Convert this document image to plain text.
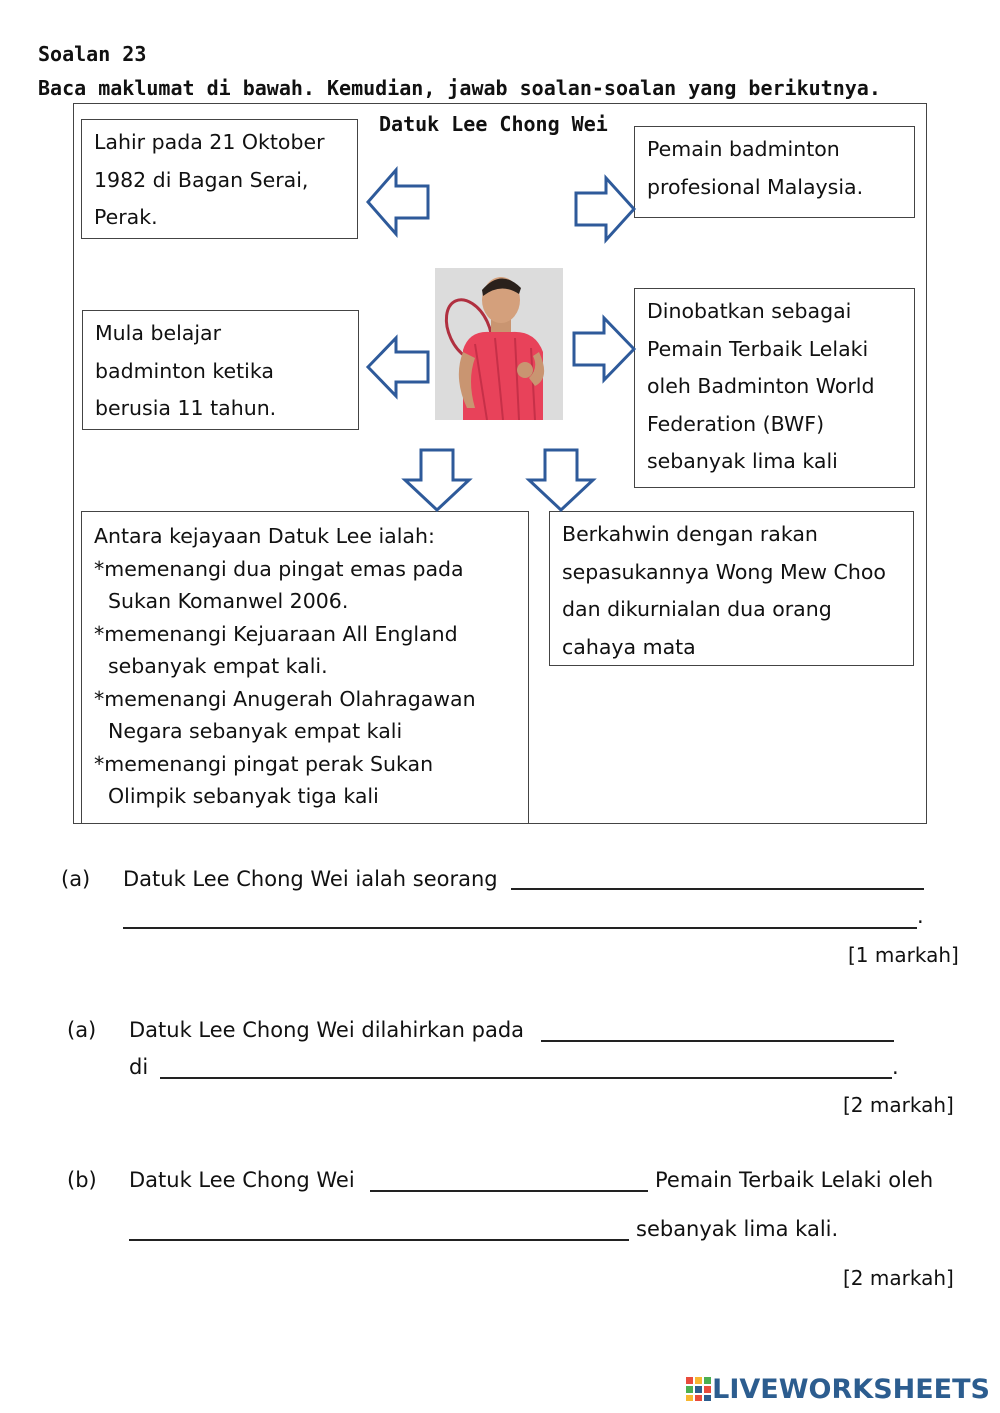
Soalan 23
Baca maklumat di bawah. Kemudian, jawab soalan-soalan yang berikutnya.
Datuk Lee Chong Wei
Lahir pada 21 Oktober
1982 di Bagan Serai,
Perak.
Pemain badminton
profesional Malaysia.
Mula belajar
badminton ketika
berusia 11 tahun.
Dinobatkan sebagai
Pemain Terbaik Lelaki
oleh Badminton World
Federation (BWF)
sebanyak lima kali
Antara kejayaan Datuk Lee ialah:
*memenangi dua pingat emas pada
Sukan Komanwel 2006.
*memenangi Kejuaraan All England
sebanyak empat kali.
*memenangi Anugerah Olahragawan
Negara sebanyak empat kali
*memenangi pingat perak Sukan
Olimpik sebanyak tiga kali
Berkahwin dengan rakan
sepasukannya Wong Mew Choo
dan dikurnialan dua orang
cahaya mata
(a) Datuk Lee Chong Wei ialah seorang
.
[1 markah]
(a) Datuk Lee Chong Wei dilahirkan pada
di	.
[2 markah]
(b) Datuk Lee Chong Wei	Pemain Terbaik Lelaki oleh
sebanyak lima kali.
[2 markah]
LIVEWORKSHEETS
